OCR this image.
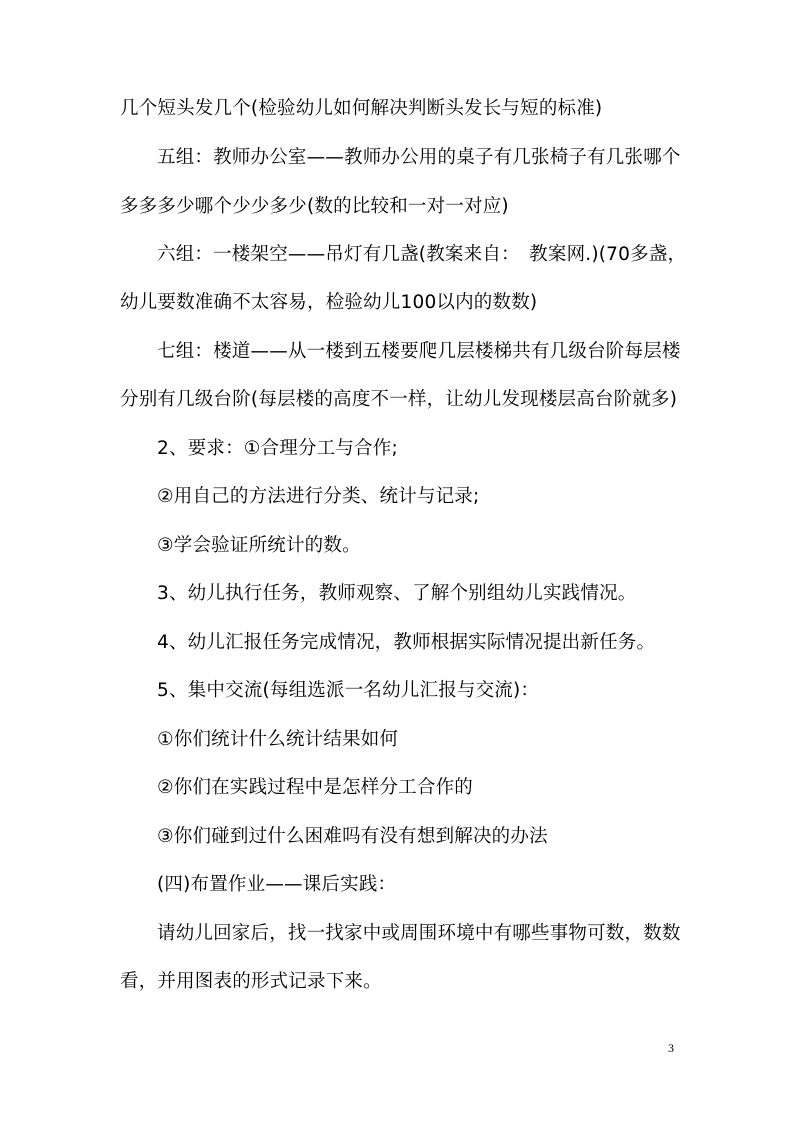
几个短头发几个(检验幼儿如何解决判断头发长与短的标准)
五组：教师办公室——教师办公用的桌子有几张椅子有几张哪个
多多多少哪个少少多少(数的比较和一对一对应)
六组：一楼架空——吊灯有几盏(教案来自：　教案网.)(70多盏，
幼儿要数准确不太容易，检验幼儿100以内的数数)
七组：楼道——从一楼到五楼要爬几层楼梯共有几级台阶每层楼
分别有几级台阶(每层楼的高度不一样，让幼儿发现楼层高台阶就多)
2、要求：①合理分工与合作;
②用自己的方法进行分类、统计与记录;
③学会验证所统计的数。
3、幼儿执行任务，教师观察、了解个别组幼儿实践情况。
4、幼儿汇报任务完成情况，教师根据实际情况提出新任务。
5、集中交流(每组选派一名幼儿汇报与交流)：
①你们统计什么统计结果如何
②你们在实践过程中是怎样分工合作的
③你们碰到过什么困难吗有没有想到解决的办法
(四)布置作业——课后实践：
请幼儿回家后，找一找家中或周围环境中有哪些事物可数，数数
看，并用图表的形式记录下来。
3
